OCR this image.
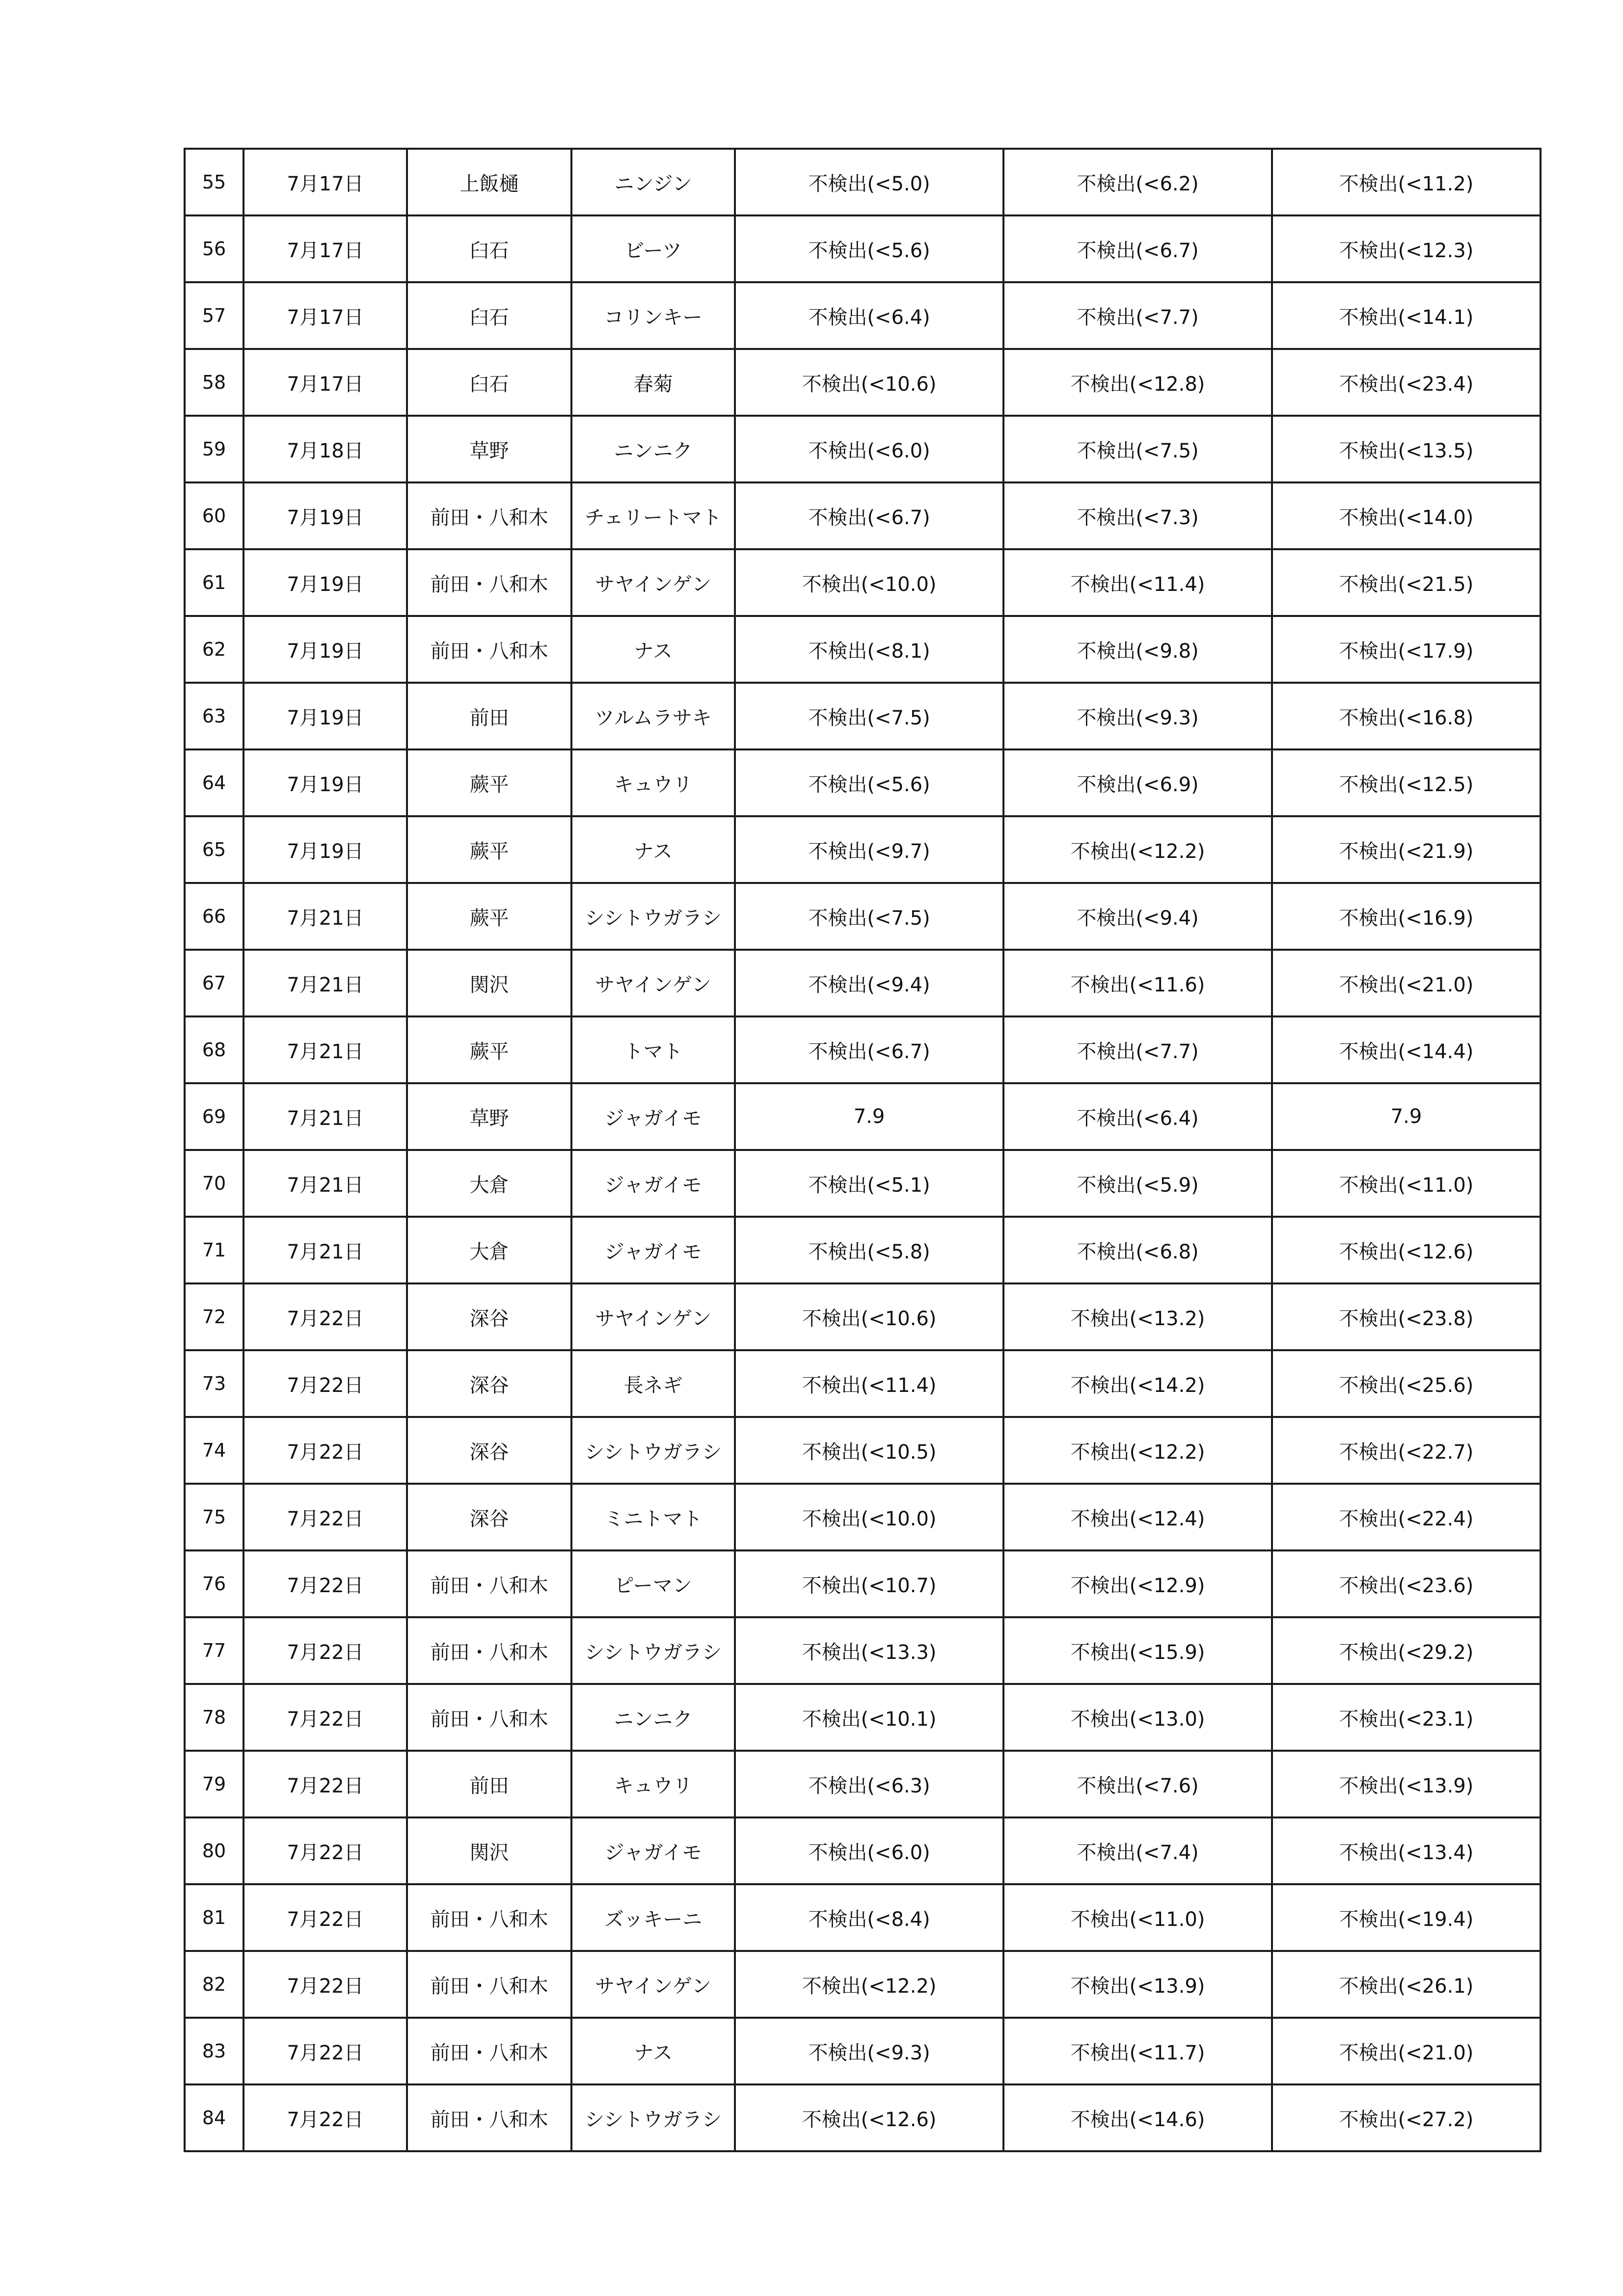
55	7月17日	上飯樋	ニンジン	不検出(<5.0)	不検出(<6.2)	不検出(<11.2)
56	7月17日	臼石	ビーツ	不検出(<5.6)	不検出(<6.7)	不検出(<12.3)
57	7月17日	臼石	コリンキー	不検出(<6.4)	不検出(<7.7)	不検出(<14.1)
58	7月17日	臼石	春菊	不検出(<10.6)	不検出(<12.8)	不検出(<23.4)
59	7月18日	草野	ニンニク	不検出(<6.0)	不検出(<7.5)	不検出(<13.5)
60	7月19日	前田・八和木	チェリートマト	不検出(<6.7)	不検出(<7.3)	不検出(<14.0)
61	7月19日	前田・八和木	サヤインゲン	不検出(<10.0)	不検出(<11.4)	不検出(<21.5)
62	7月19日	前田・八和木	ナス	不検出(<8.1)	不検出(<9.8)	不検出(<17.9)
63	7月19日	前田	ツルムラサキ	不検出(<7.5)	不検出(<9.3)	不検出(<16.8)
64	7月19日	蕨平	キュウリ	不検出(<5.6)	不検出(<6.9)	不検出(<12.5)
65	7月19日	蕨平	ナス	不検出(<9.7)	不検出(<12.2)	不検出(<21.9)
66	7月21日	蕨平	シシトウガラシ	不検出(<7.5)	不検出(<9.4)	不検出(<16.9)
67	7月21日	関沢	サヤインゲン	不検出(<9.4)	不検出(<11.6)	不検出(<21.0)
68	7月21日	蕨平	トマト	不検出(<6.7)	不検出(<7.7)	不検出(<14.4)
69	7月21日	草野	ジャガイモ	7.9	不検出(<6.4)	7.9
70	7月21日	大倉	ジャガイモ	不検出(<5.1)	不検出(<5.9)	不検出(<11.0)
71	7月21日	大倉	ジャガイモ	不検出(<5.8)	不検出(<6.8)	不検出(<12.6)
72	7月22日	深谷	サヤインゲン	不検出(<10.6)	不検出(<13.2)	不検出(<23.8)
73	7月22日	深谷	長ネギ	不検出(<11.4)	不検出(<14.2)	不検出(<25.6)
74	7月22日	深谷	シシトウガラシ	不検出(<10.5)	不検出(<12.2)	不検出(<22.7)
75	7月22日	深谷	ミニトマト	不検出(<10.0)	不検出(<12.4)	不検出(<22.4)
76	7月22日	前田・八和木	ピーマン	不検出(<10.7)	不検出(<12.9)	不検出(<23.6)
77	7月22日	前田・八和木	シシトウガラシ	不検出(<13.3)	不検出(<15.9)	不検出(<29.2)
78	7月22日	前田・八和木	ニンニク	不検出(<10.1)	不検出(<13.0)	不検出(<23.1)
79	7月22日	前田	キュウリ	不検出(<6.3)	不検出(<7.6)	不検出(<13.9)
80	7月22日	関沢	ジャガイモ	不検出(<6.0)	不検出(<7.4)	不検出(<13.4)
81	7月22日	前田・八和木	ズッキーニ	不検出(<8.4)	不検出(<11.0)	不検出(<19.4)
82	7月22日	前田・八和木	サヤインゲン	不検出(<12.2)	不検出(<13.9)	不検出(<26.1)
83	7月22日	前田・八和木	ナス	不検出(<9.3)	不検出(<11.7)	不検出(<21.0)
84	7月22日	前田・八和木	シシトウガラシ	不検出(<12.6)	不検出(<14.6)	不検出(<27.2)
